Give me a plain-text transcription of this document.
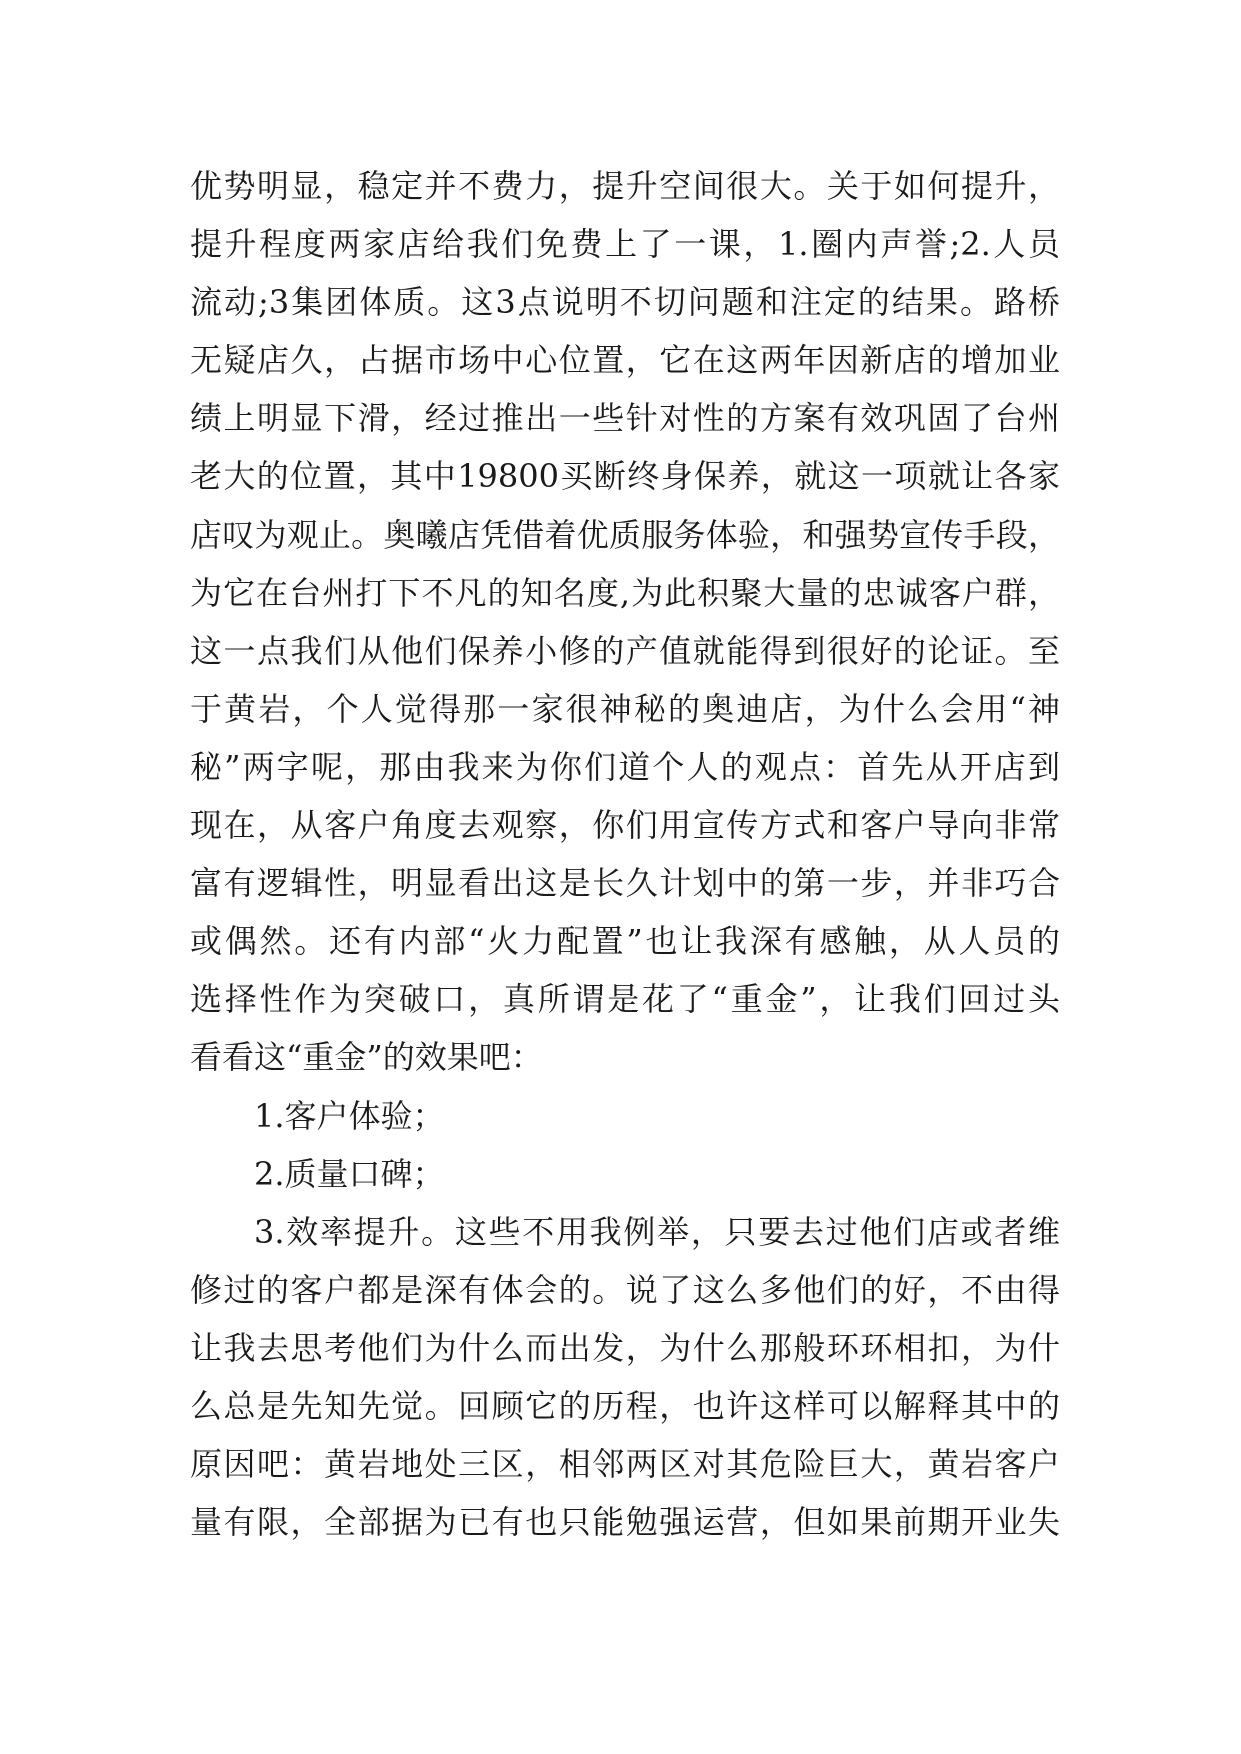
优势明显，稳定并不费力，提升空间很大。关于如何提升，
提升程度两家店给我们免费上了一课，1.圈内声誉;2.人员
流动;3集团体质。这3点说明不切问题和注定的结果。路桥
无疑店久，占据市场中心位置，它在这两年因新店的增加业
绩上明显下滑，经过推出一些针对性的方案有效巩固了台州
老大的位置，其中19800买断终身保养，就这一项就让各家
店叹为观止。奥曦店凭借着优质服务体验，和强势宣传手段，
为它在台州打下不凡的知名度,为此积聚大量的忠诚客户群，
这一点我们从他们保养小修的产值就能得到很好的论证。至
于黄岩，个人觉得那一家很神秘的奥迪店，为什么会用“神
秘”两字呢，那由我来为你们道个人的观点：首先从开店到
现在，从客户角度去观察，你们用宣传方式和客户导向非常
富有逻辑性，明显看出这是长久计划中的第一步，并非巧合
或偶然。还有内部“火力配置”也让我深有感触，从人员的
选择性作为突破口，真所谓是花了“重金”，让我们回过头
看看这“重金”的效果吧：
1.客户体验；
2.质量口碑；
3.效率提升。这些不用我例举，只要去过他们店或者维
修过的客户都是深有体会的。说了这么多他们的好，不由得
让我去思考他们为什么而出发，为什么那般环环相扣，为什
么总是先知先觉。回顾它的历程，也许这样可以解释其中的
原因吧：黄岩地处三区，相邻两区对其危险巨大，黄岩客户
量有限，全部据为已有也只能勉强运营，但如果前期开业失
